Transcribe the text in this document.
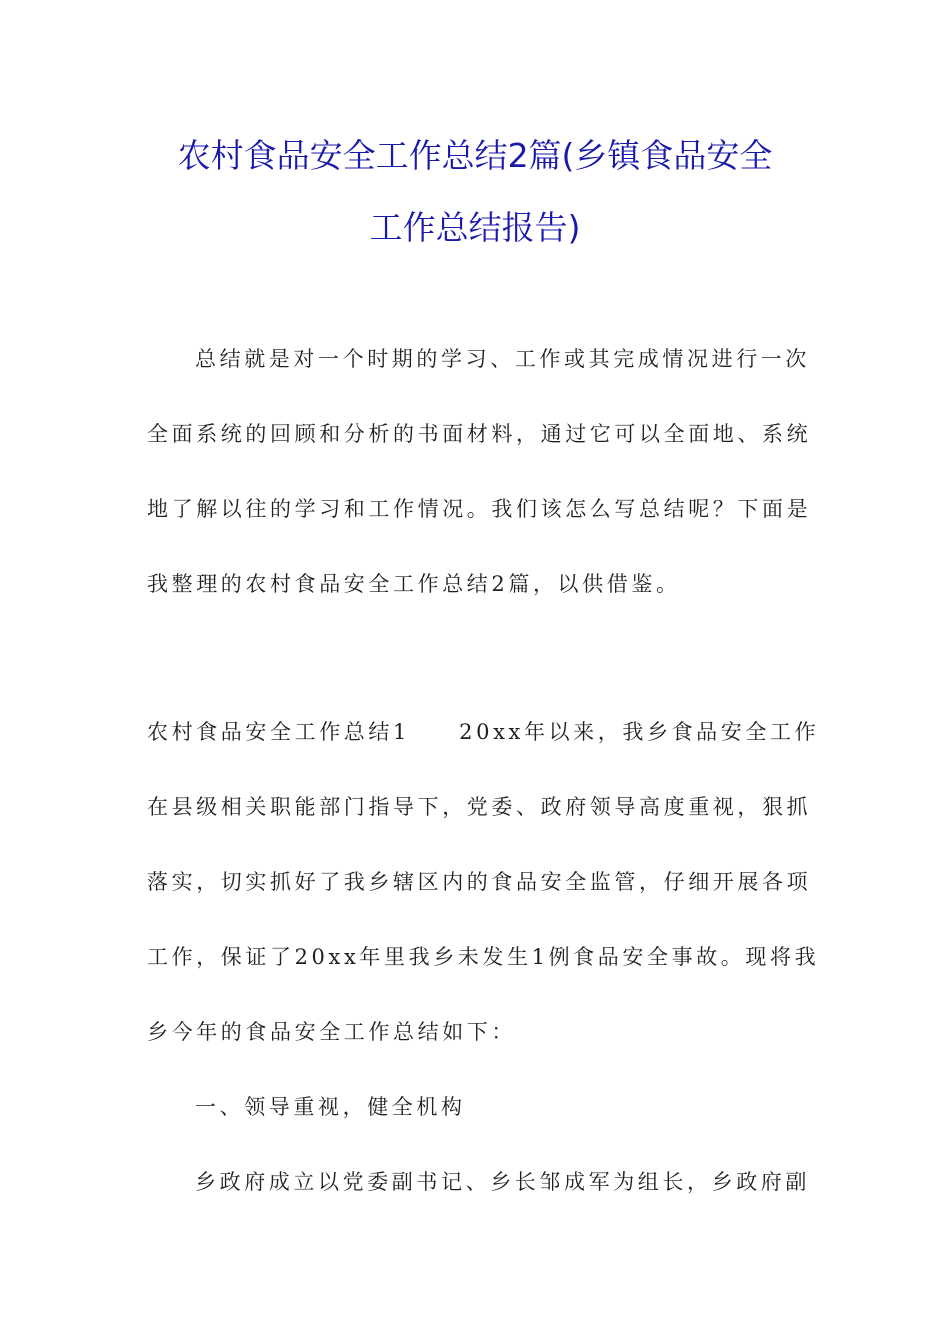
农村食品安全工作总结2篇(乡镇食品安全
工作总结报告)
总结就是对一个时期的学习、工作或其完成情况进行一次
全面系统的回顾和分析的书面材料，通过它可以全面地、系统
地了解以往的学习和工作情况。我们该怎么写总结呢？下面是
我整理的农村食品安全工作总结2篇，以供借鉴。
农村食品安全工作总结1　　20xx年以来，我乡食品安全工作
在县级相关职能部门指导下，党委、政府领导高度重视，狠抓
落实，切实抓好了我乡辖区内的食品安全监管，仔细开展各项
工作，保证了20xx年里我乡未发生1例食品安全事故。现将我
乡今年的食品安全工作总结如下：
一、领导重视，健全机构
乡政府成立以党委副书记、乡长邹成军为组长，乡政府副
